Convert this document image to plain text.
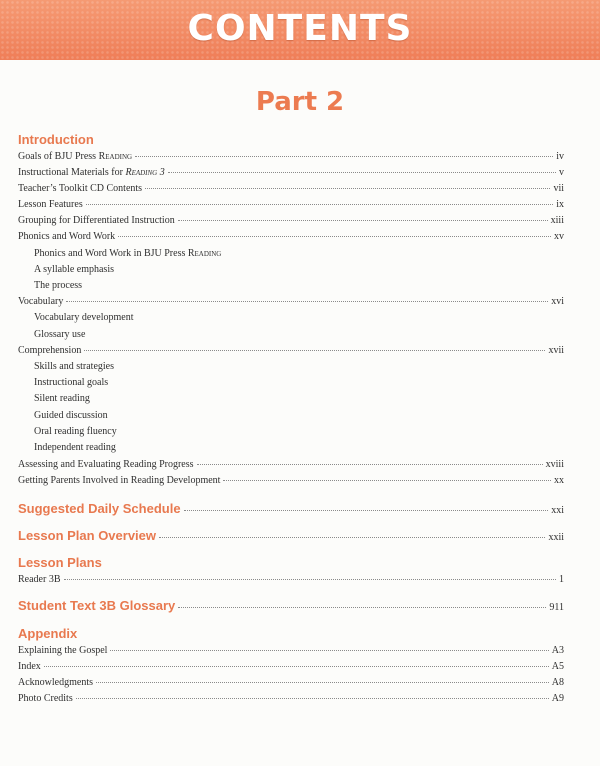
CONTENTS
Part 2
Introduction
Goals of BJU Press Reading	iv
Instructional Materials for Reading 3	v
Teacher’s Toolkit CD Contents	vii
Lesson Features	ix
Grouping for Differentiated Instruction	xiii
Phonics and Word Work	xv
Phonics and Word Work in BJU Press Reading
A syllable emphasis
The process
Vocabulary	xvi
Vocabulary development
Glossary use
Comprehension	xvii
Skills and strategies
Instructional goals
Silent reading
Guided discussion
Oral reading fluency
Independent reading
Assessing and Evaluating Reading Progress	xviii
Getting Parents Involved in Reading Development	xx
Suggested Daily Schedule	xxi
Lesson Plan Overview	xxii
Lesson Plans
Reader 3B	1
Student Text 3B Glossary	911
Appendix
Explaining the Gospel	A3
Index	A5
Acknowledgments	A8
Photo Credits	A9
